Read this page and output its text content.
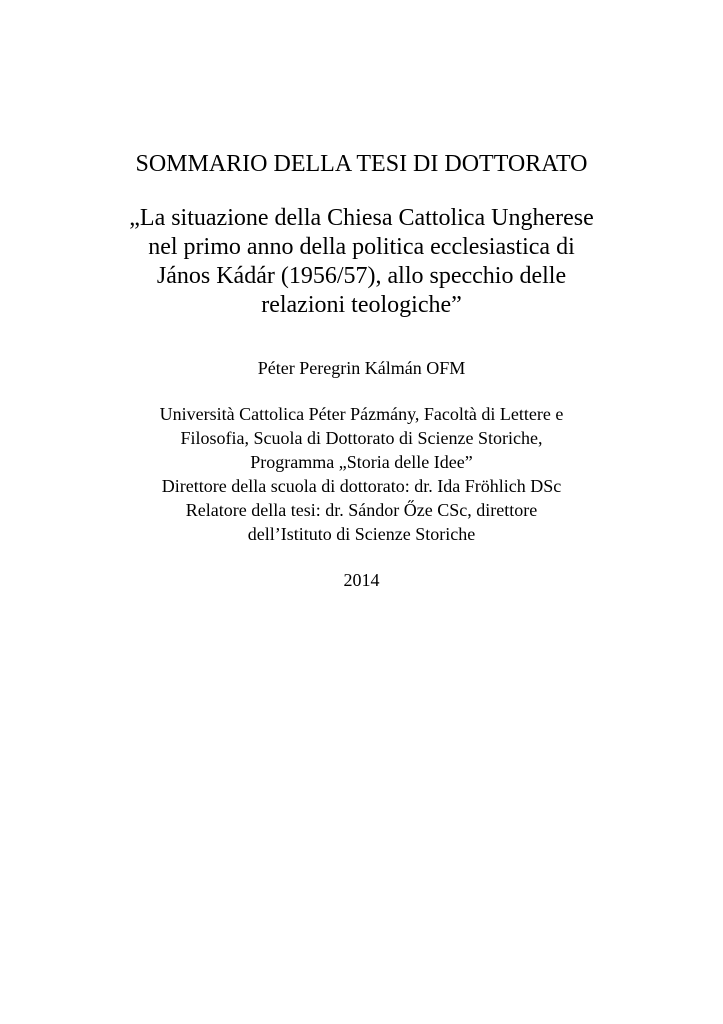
SOMMARIO DELLA TESI DI DOTTORATO
„La situazione della Chiesa Cattolica Ungherese
nel primo anno della politica ecclesiastica di
János Kádár (1956/57), allo specchio delle
relazioni teologiche”
Péter Peregrin Kálmán OFM
Università Cattolica Péter Pázmány, Facoltà di Lettere e
Filosofia, Scuola di Dottorato di Scienze Storiche,
Programma „Storia delle Idee”
Direttore della scuola di dottorato: dr. Ida Fröhlich DSc
Relatore della tesi: dr. Sándor Őze CSc, direttore
dell’Istituto di Scienze Storiche
2014
